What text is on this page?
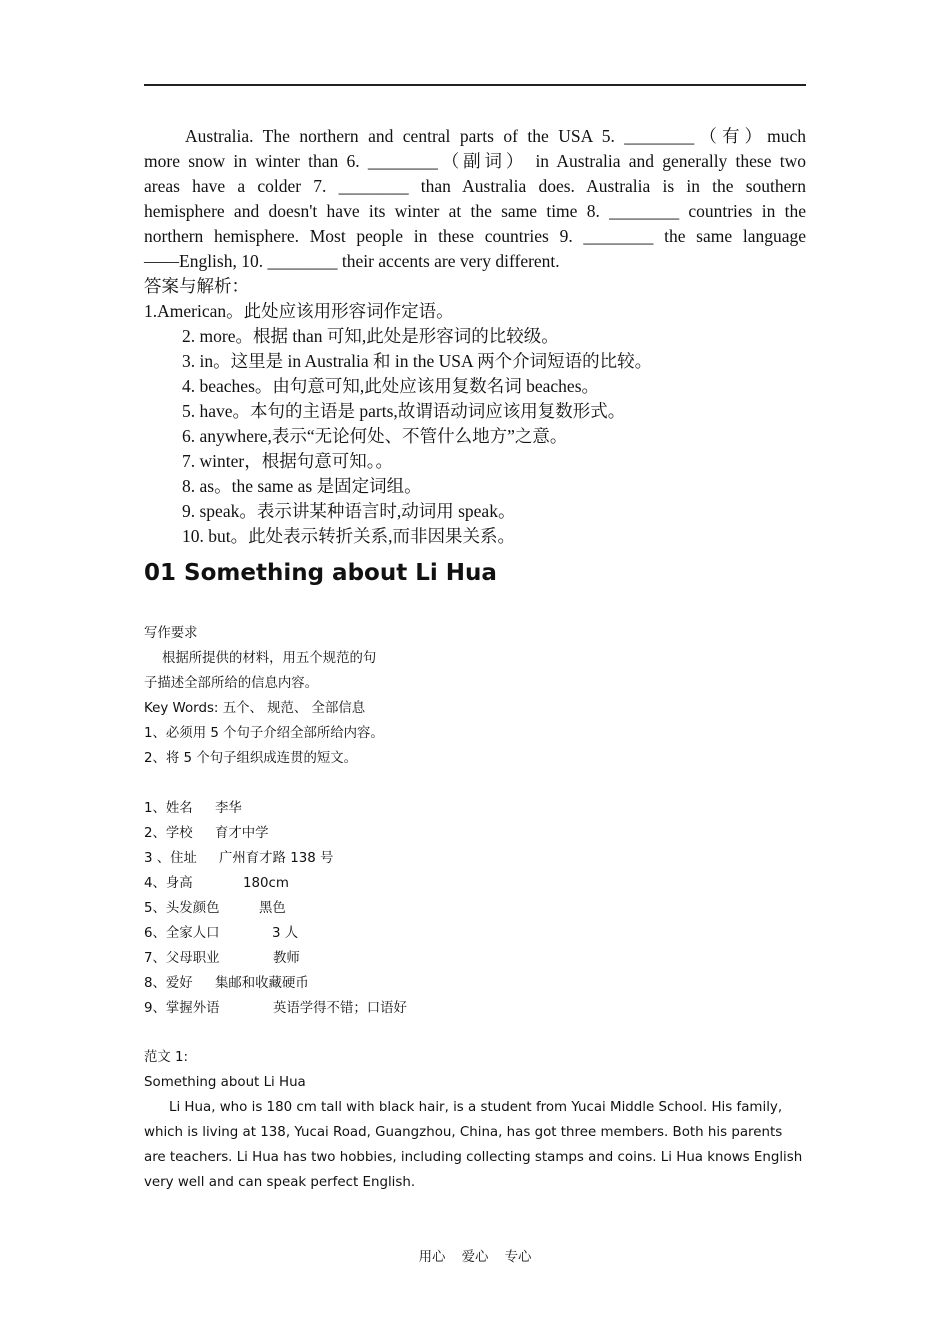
Australia. The northern and central parts of the USA 5. ________（有）much
more snow in winter than 6. ________（副词） in Australia and generally these two
areas have a colder 7. ________ than Australia does. Australia is in the southern
hemisphere and doesn't have its winter at the same time 8. ________ countries in the
northern hemisphere. Most people in these countries 9. ________ the same language
——English, 10. ________ their accents are very different.
答案与解析：
1.American。此处应该用形容词作定语。
2. more。根据 than 可知,此处是形容词的比较级。
3. in。这里是 in Australia 和 in the USA 两个介词短语的比较。
4. beaches。由句意可知,此处应该用复数名词 beaches。
5. have。本句的主语是 parts,故谓语动词应该用复数形式。
6. anywhere,表示“无论何处、不管什么地方”之意。
7. winter，根据句意可知。。
8. as。the same as 是固定词组。
9. speak。表示讲某种语言时,动词用 speak。
10. but。此处表示转折关系,而非因果关系。
01 Something about Li Hua
写作要求
根据所提供的材料，用五个规范的句
子描述全部所给的信息内容。
Key Words: 五个、 规范、 全部信息
1、必须用 5 个句子介绍全部所给内容。
2、将 5 个句子组织成连贯的短文。
1、姓名 李华
2、学校 育才中学
3 、住址 广州育才路 138 号
4、身高	180cm
5、头发颜色	黑色
6、全家人口	3 人
7、父母职业	教师
8、爱好 集邮和收藏硬币
9、掌握外语	英语学得不错；口语好
范文 1:
Something about Li Hua
Li Hua, who is 180 cm tall with black hair, is a student from Yucai Middle School. His family, which is living at 138, Yucai Road, Guangzhou, China, has got three members. Both his parents are teachers. Li Hua has two hobbies, including collecting stamps and coins. Li Hua knows English very well and can speak perfect English.
用心 爱心 专心
